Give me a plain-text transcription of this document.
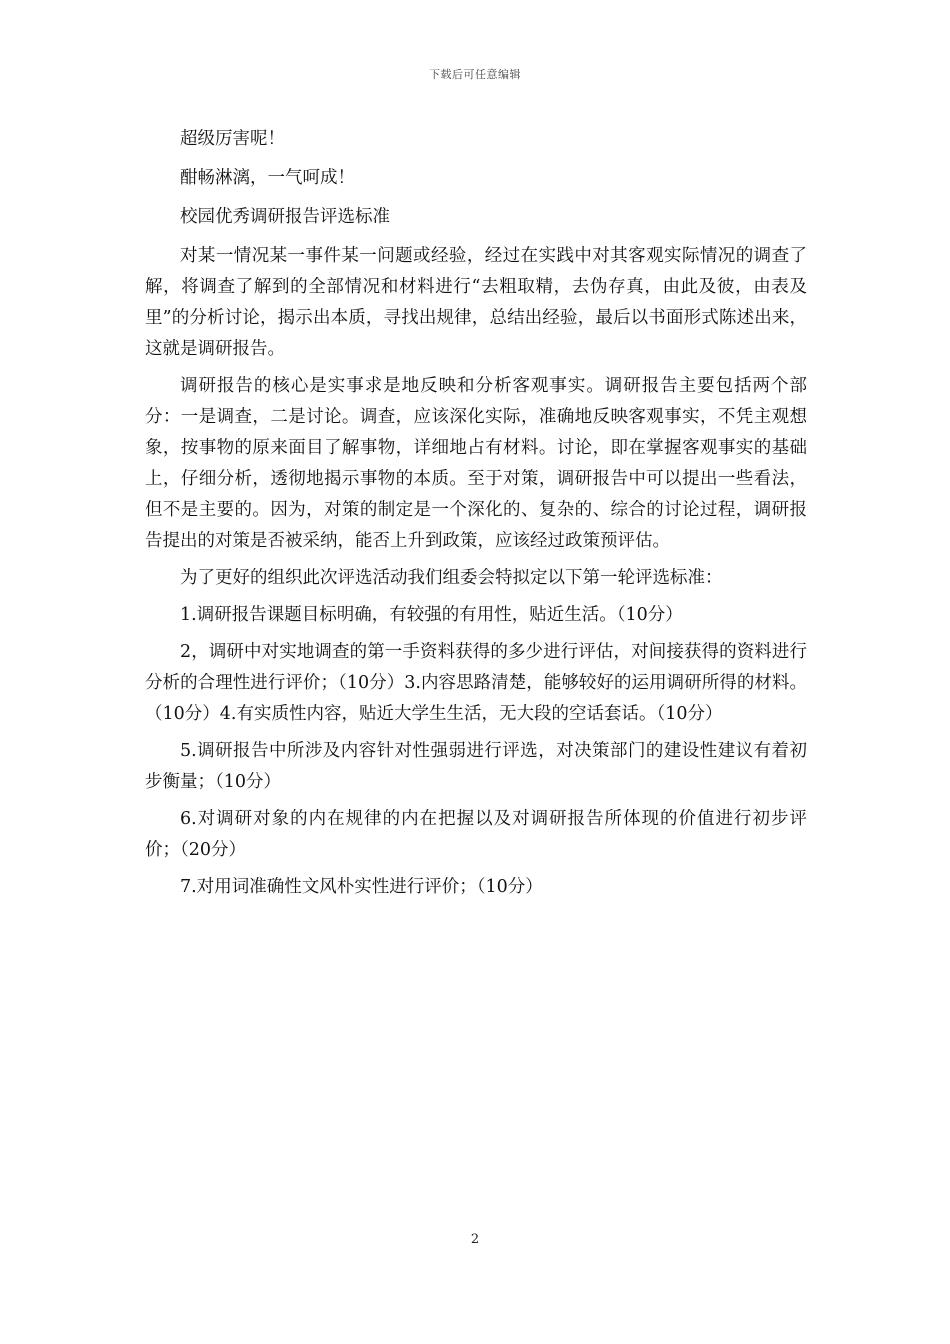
下载后可任意编辑

超级厉害呢！

酣畅淋漓，一气呵成！

校园优秀调研报告评选标准

对某一情况某一事件某一问题或经验，经过在实践中对其客观实际情况的调查了解，将调查了解到的全部情况和材料进行“去粗取精，去伪存真，由此及彼，由表及里”的分析讨论，揭示出本质，寻找出规律，总结出经验，最后以书面形式陈述出来，这就是调研报告。

调研报告的核心是实事求是地反映和分析客观事实。调研报告主要包括两个部分：一是调查，二是讨论。调查，应该深化实际，准确地反映客观事实，不凭主观想象，按事物的原来面目了解事物，详细地占有材料。讨论，即在掌握客观事实的基础上，仔细分析，透彻地揭示事物的本质。至于对策，调研报告中可以提出一些看法，但不是主要的。因为，对策的制定是一个深化的、复杂的、综合的讨论过程，调研报告提出的对策是否被采纳，能否上升到政策，应该经过政策预评估。

为了更好的组织此次评选活动我们组委会特拟定以下第一轮评选标准：

1.调研报告课题目标明确，有较强的有用性，贴近生活。（10分）

2，调研中对实地调查的第一手资料获得的多少进行评估，对间接获得的资料进行分析的合理性进行评价；（10分）3.内容思路清楚，能够较好的运用调研所得的材料。（10分）4.有实质性内容，贴近大学生生活，无大段的空话套话。（10分）

5.调研报告中所涉及内容针对性强弱进行评选，对决策部门的建设性建议有着初步衡量；（10分）

6.对调研对象的内在规律的内在把握以及对调研报告所体现的价值进行初步评价；（20分）

7.对用词准确性文风朴实性进行评价；（10分）

2
